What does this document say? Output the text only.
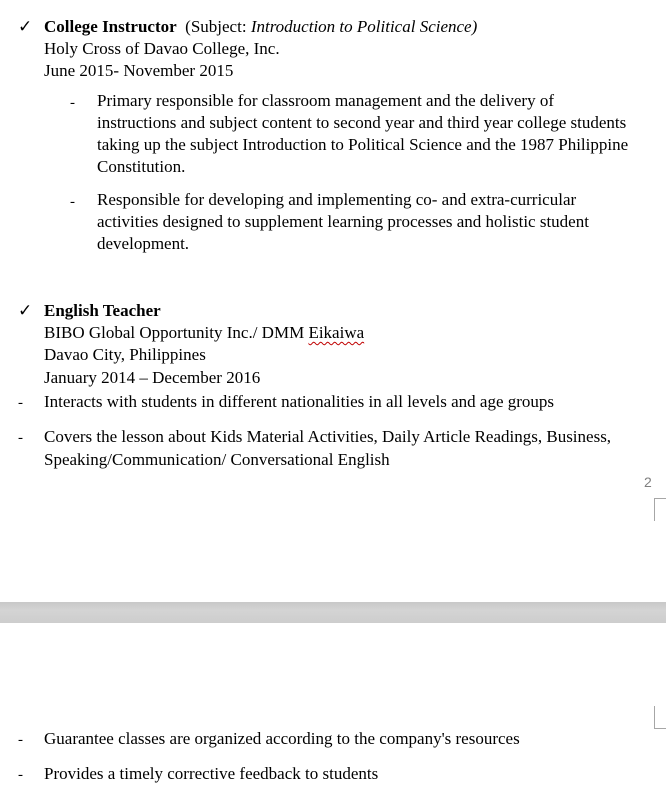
✓ College Instructor (Subject: Introduction to Political Science)
Holy Cross of Davao College, Inc.
June 2015- November 2015
- Primary responsible for classroom management and the delivery of
instructions and subject content to second year and third year college students
taking up the subject Introduction to Political Science and the 1987 Philippine
Constitution.
- Responsible for developing and implementing co- and extra-curricular
activities designed to supplement learning processes and holistic student
development.
✓ English Teacher
BIBO Global Opportunity Inc./ DMM Eikaiwa
Davao City, Philippines
January 2014 – December 2016
- Interacts with students in different nationalities in all levels and age groups
- Covers the lesson about Kids Material Activities, Daily Article Readings, Business,
Speaking/Communication/ Conversational English
2
- Guarantee classes are organized according to the company's resources
- Provides a timely corrective feedback to students
